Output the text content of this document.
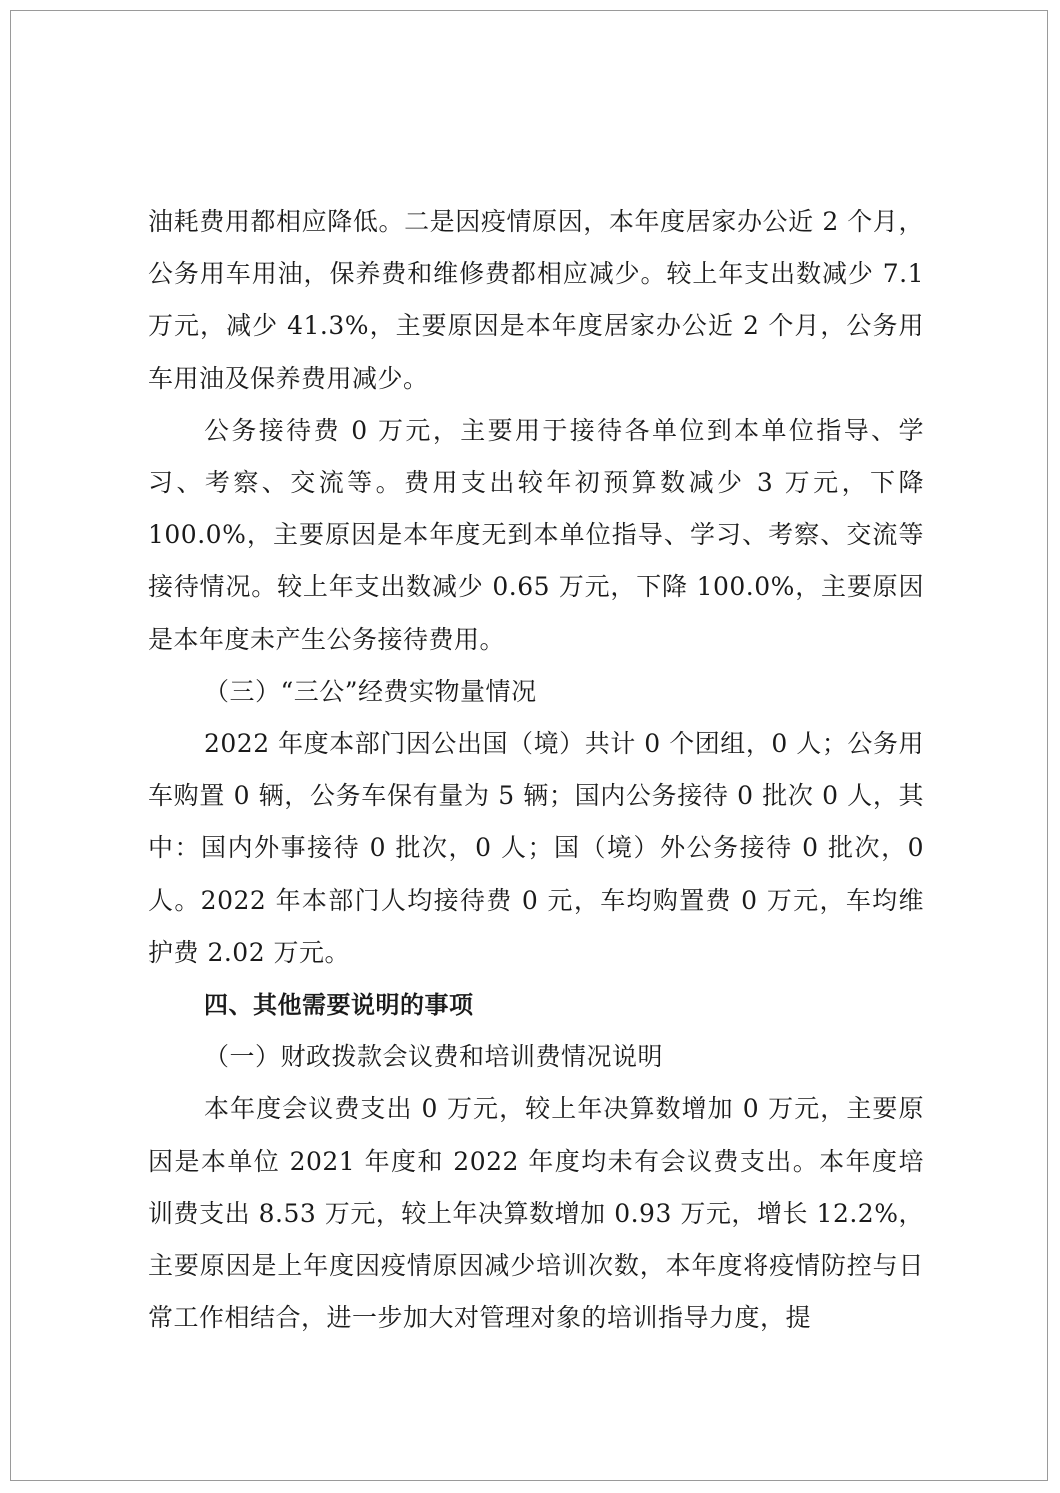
油耗费用都相应降低。二是因疫情原因，本年度居家办公近 2 个月，公务用车用油，保养费和维修费都相应减少。较上年支出数减少 7.1 万元，减少 41.3%，主要原因是本年度居家办公近 2 个月，公务用车用油及保养费用减少。

公务接待费 0 万元，主要用于接待各单位到本单位指导、学习、考察、交流等。费用支出较年初预算数减少 3 万元，下降 100.0%，主要原因是本年度无到本单位指导、学习、考察、交流等接待情况。较上年支出数减少 0.65 万元，下降 100.0%，主要原因是本年度未产生公务接待费用。

（三）“三公”经费实物量情况

2022 年度本部门因公出国（境）共计 0 个团组，0 人；公务用车购置 0 辆，公务车保有量为 5 辆；国内公务接待 0 批次 0 人，其中：国内外事接待 0 批次，0 人；国（境）外公务接待 0 批次，0 人。2022 年本部门人均接待费 0 元，车均购置费 0 万元，车均维护费 2.02 万元。

四、其他需要说明的事项

（一）财政拨款会议费和培训费情况说明

本年度会议费支出 0 万元，较上年决算数增加 0 万元，主要原因是本单位 2021 年度和 2022 年度均未有会议费支出。本年度培训费支出 8.53 万元，较上年决算数增加 0.93 万元，增长 12.2%，主要原因是上年度因疫情原因减少培训次数，本年度将疫情防控与日常工作相结合，进一步加大对管理对象的培训指导力度，提
